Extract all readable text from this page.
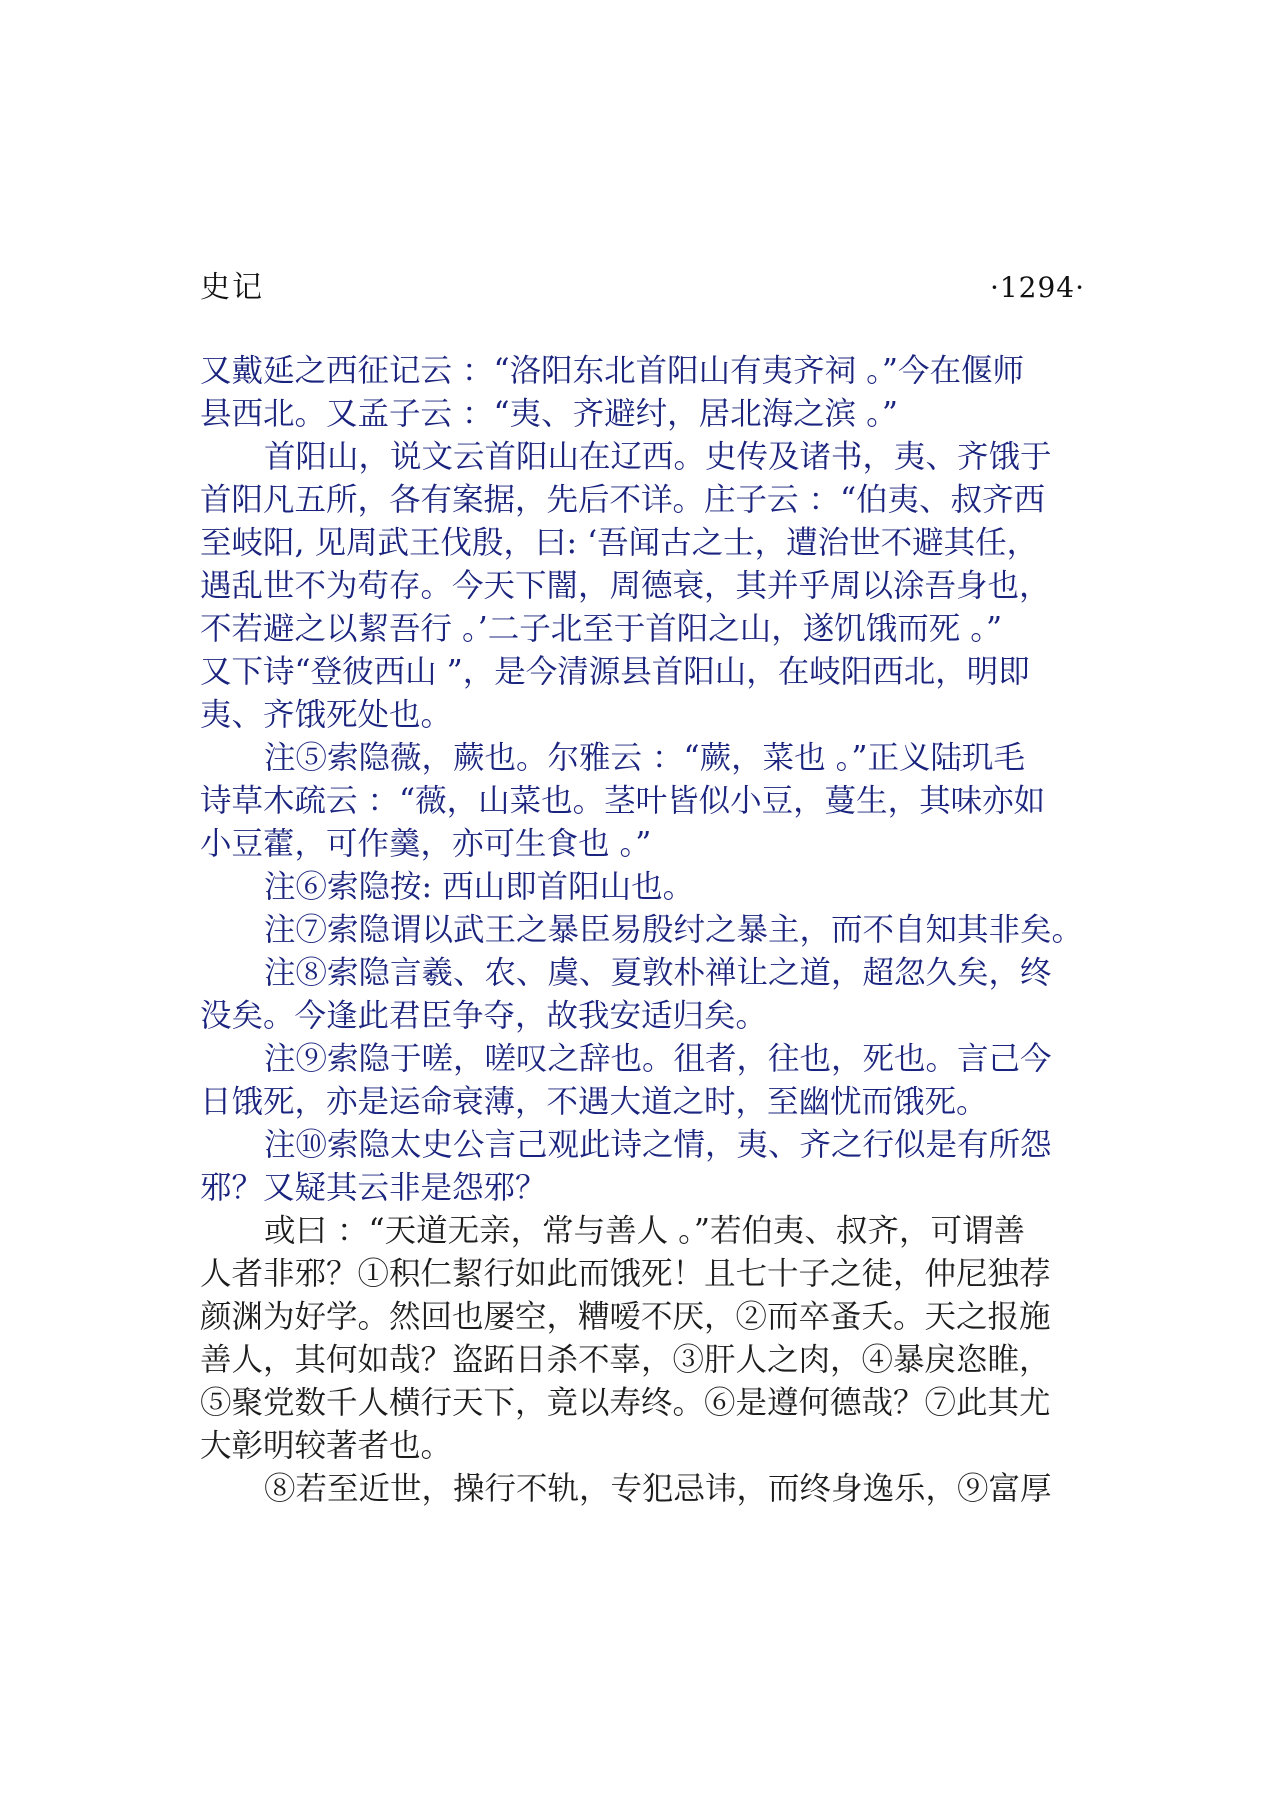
史记	·1294·
又戴延之西征记云 ：“洛阳东北首阳山有夷齐祠 。”今在偃师
县西北。又孟子云 ：“夷、齐避纣，居北海之滨 。”
首阳山，说文云首阳山在辽西。史传及诸书，夷、齐饿于
首阳凡五所，各有案据，先后不详。庄子云 ：“伯夷、叔齐西
至岐阳, 见周武王伐殷，曰: ‘吾闻古之士，遭治世不避其任，
遇乱世不为苟存。今天下闇，周德衰，其并乎周以涂吾身也，
不若避之以絜吾行 。’二子北至于首阳之山，遂饥饿而死 。”
又下诗“登彼西山 ”，是今清源县首阳山，在岐阳西北，明即
夷、齐饿死处也。
注⑤索隐薇，蕨也。尔雅云 ：“蕨，菜也 。”正义陆玑毛
诗草木疏云 ：“薇，山菜也。茎叶皆似小豆，蔓生，其味亦如
小豆藿，可作羹，亦可生食也 。”
注⑥索隐按: 西山即首阳山也。
注⑦索隐谓以武王之暴臣易殷纣之暴主，而不自知其非矣。
注⑧索隐言羲、农、虞、夏敦朴禅让之道，超忽久矣，终
没矣。今逢此君臣争夺，故我安适归矣。
注⑨索隐于嗟，嗟叹之辞也。徂者，往也，死也。言己今
日饿死，亦是运命衰薄，不遇大道之时，至幽忧而饿死。
注⑩索隐太史公言己观此诗之情，夷、齐之行似是有所怨
邪？又疑其云非是怨邪？
或曰 ：“天道无亲，常与善人 。”若伯夷、叔齐，可谓善
人者非邪？①积仁絜行如此而饿死！且七十子之徒，仲尼独荐
颜渊为好学。然回也屡空，糟嗳不厌，②而卒蚤夭。天之报施
善人，其何如哉？盗跖日杀不辜，③肝人之肉，④暴戾恣睢，
⑤聚党数千人横行天下，竟以寿终。⑥是遵何德哉？⑦此其尤
大彰明较著者也。
⑧若至近世，操行不轨，专犯忌讳，而终身逸乐，⑨富厚
